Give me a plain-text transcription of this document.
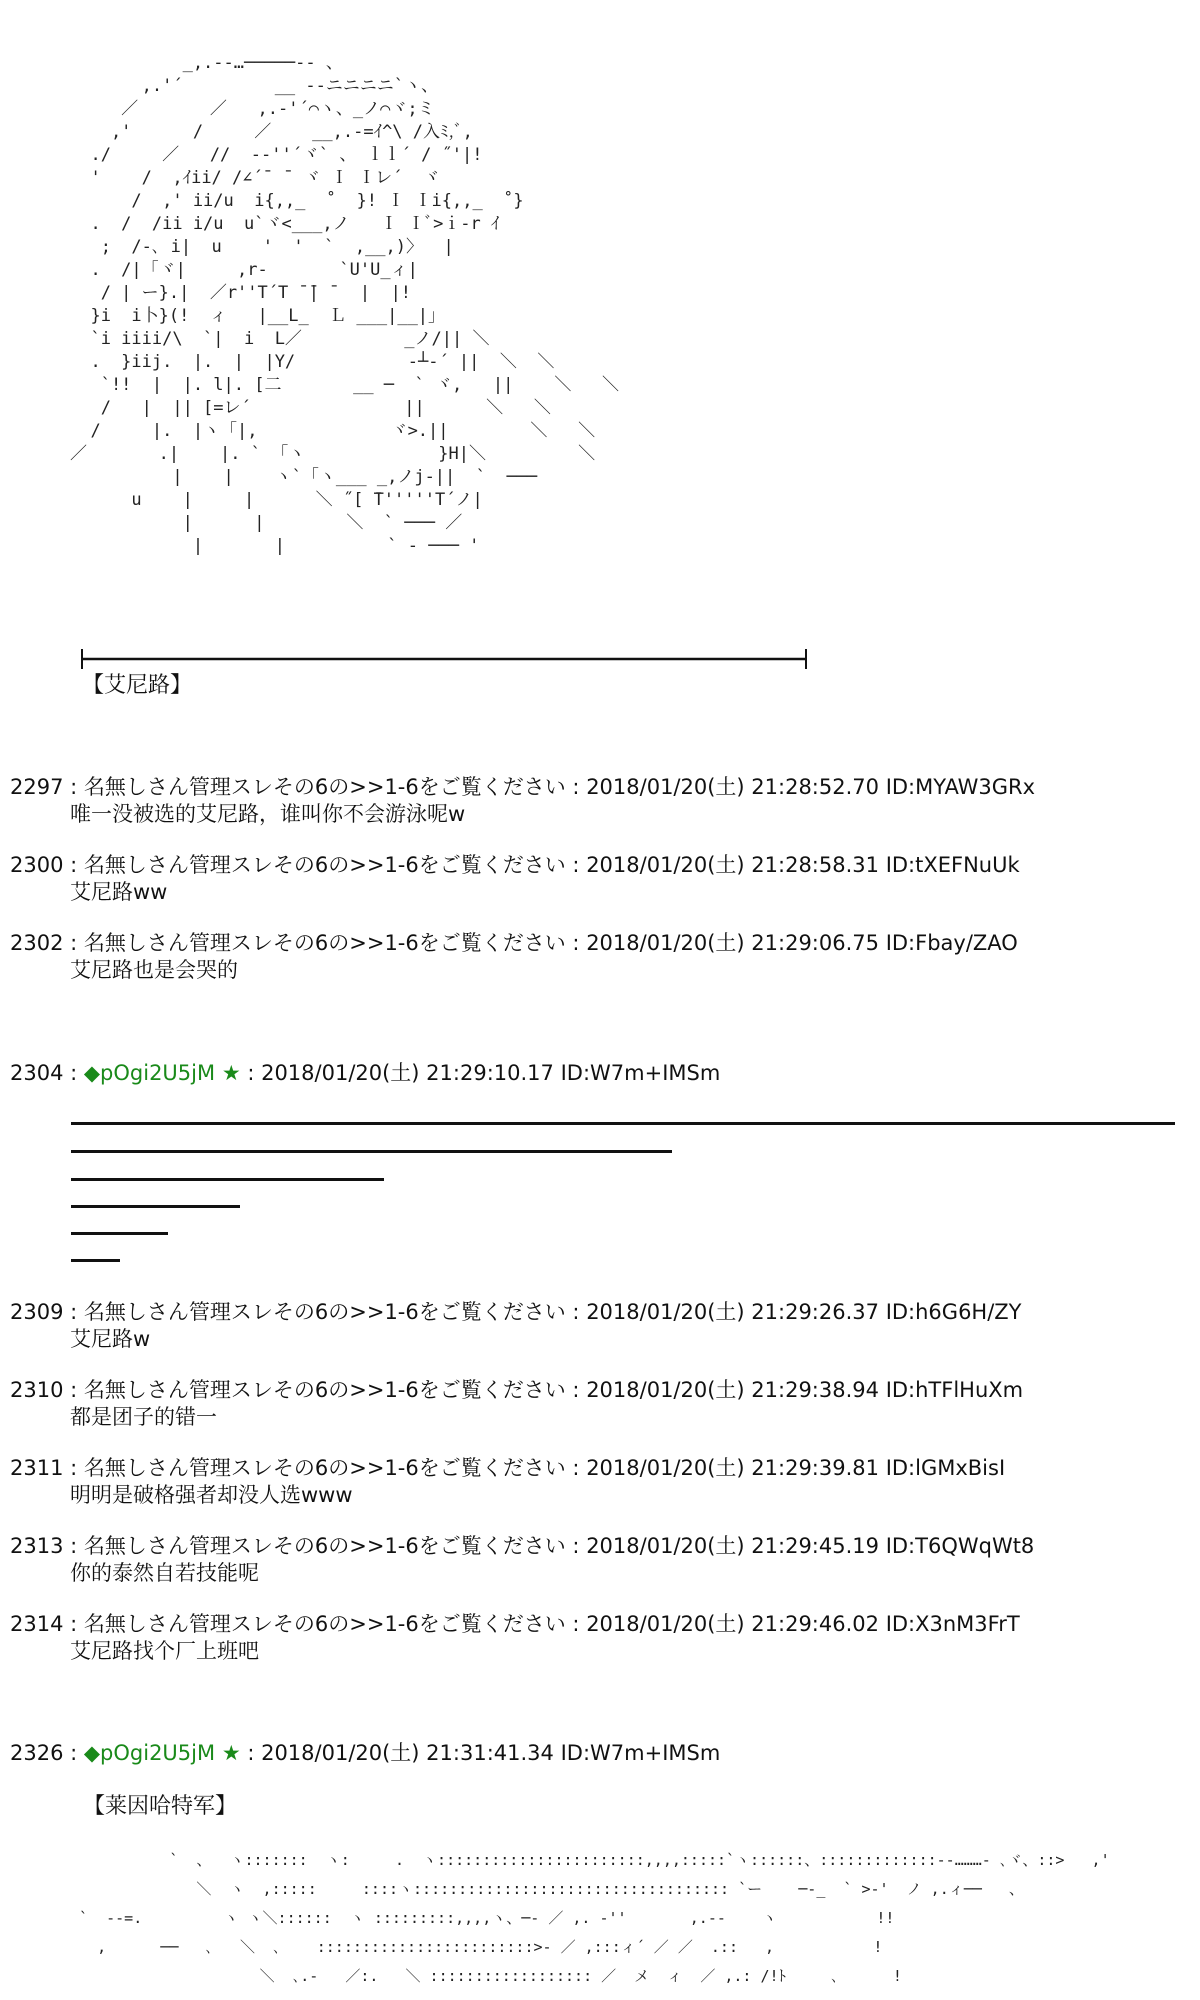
_,.-‐…─────-- 、
,.'´         __ --ニニニニ`ヽ、
／       ／   ,.-'´⌒ヽ、_ノ⌒ヾ;ミ
,'      /     ／    __,.-=ｲ^\ /入ﾐ,ﾞ,
./     ／   //  -‐''´ヾ` 、 ｌｌ´ / ˝'|!
'    /  ,ｲii/ /∠´ˉ ˉ ヾ Ｉ Ｉレ´  ヾ
/  ,' ii/u  i{,,_  ˚  }! Ｉ Ｉi{,,_  ˚}
.  /  /ii i/u  u`ヾ<___,ノ   Ｉ Ｉﾞ>ｉ-r ｲ
;  /-､ i|  u    '  '  `  ,__,)〉  |
.  /|「ヾ|     ,r-       `U'U_ィ|
/ | ー}.|  ／r''T´T ̄ ̄| ̄   |  |!
}i  i卜}(!  ィ   |__L_  Ｌ ___|__|」
`i iiii/\  `|  i  L／          _ノ/|| ＼
.  }iij.  |.  |  |Y/           -┴‐´ ||  ＼  ＼
`!!  |  |. l|. [二       __ ─  ` ヾ,   ||    ＼   ＼
/   |  || [=レ´               ||      ＼   ＼
/     |.  |ヽ「|,             ヾ>.||        ＼   ＼
／       .|    |. ` 「ヽ             }H|＼         ＼
|    |    ヽ`「ヽ___ _,ノj-||  `  ───
u    |     |      ＼ ˝[ ̄T'''''T´ノ|
|      |        ＼  ` ─── ／
|       |          ` - ─── '
【艾尼路】
2297 : 名無しさん管理スレその6の>>1-6をご覧ください : 2018/01/20(土) 21:28:52.70 ID:MYAW3GRx
唯一没被选的艾尼路，谁叫你不会游泳呢w
2300 : 名無しさん管理スレその6の>>1-6をご覧ください : 2018/01/20(土) 21:28:58.31 ID:tXEFNuUk
艾尼路ww
2302 : 名無しさん管理スレその6の>>1-6をご覧ください : 2018/01/20(土) 21:29:06.75 ID:Fbay/ZAO
艾尼路也是会哭的
2304 : ◆pOgi2U5jM ★ : 2018/01/20(土) 21:29:10.17 ID:W7m+IMSm
2309 : 名無しさん管理スレその6の>>1-6をご覧ください : 2018/01/20(土) 21:29:26.37 ID:h6G6H/ZY
艾尼路w
2310 : 名無しさん管理スレその6の>>1-6をご覧ください : 2018/01/20(土) 21:29:38.94 ID:hTFlHuXm
都是团子的错一
2311 : 名無しさん管理スレその6の>>1-6をご覧ください : 2018/01/20(土) 21:29:39.81 ID:lGMxBisI
明明是破格强者却没人选www
2313 : 名無しさん管理スレその6の>>1-6をご覧ください : 2018/01/20(土) 21:29:45.19 ID:T6QWqWt8
你的泰然自若技能呢
2314 : 名無しさん管理スレその6の>>1-6をご覧ください : 2018/01/20(土) 21:29:46.02 ID:X3nM3FrT
艾尼路找个厂上班吧
2326 : ◆pOgi2U5jM ★ : 2018/01/20(土) 21:31:41.34 ID:W7m+IMSm
【莱因哈特军】
`  、  ヽ:::::::  ヽ:     .  ヽ:::::::::::::::::::::::,,,,:::::`ヽ::::::、:::::::::::::-‐………‐ ､ヾ、::>   ,'
＼  ヽ  ,:::::     ::::ヽ::::::::::::::::::::::::::::::::::: `ー    ─-_  ` >-'  ノ ,.ィ──   、
`  ‐-=.         ヽ ヽ＼::::::  ヽ :::::::::,,,,ヽ、─‐ ／ ,. ‐''       ,.-‐    ヽ           !!
,      ──   ､   ＼  ､    ::::::::::::::::::::::::>‐ ／ ,:::ィ´ ／ ／  .::   ,           !
＼  ､.-   ／:.   ＼ :::::::::::::::::: ／  メ  ィ  ／ ,.: /!ﾄ     ､      !
